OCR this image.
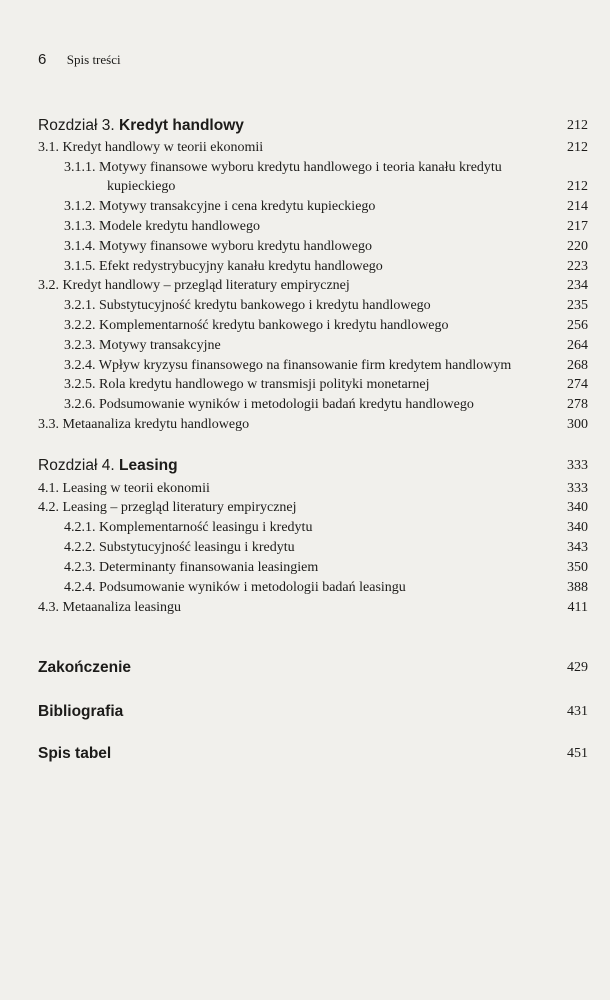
6 Spis treści
Rozdział 3. Kredyt handlowy	212
3.1. Kredyt handlowy w teorii ekonomii	212
3.1.1. Motywy finansowe wyboru kredytu handlowego i teoria kanału kredytu
kupieckiego	212
3.1.2. Motywy transakcyjne i cena kredytu kupieckiego	214
3.1.3. Modele kredytu handlowego	217
3.1.4. Motywy finansowe wyboru kredytu handlowego	220
3.1.5. Efekt redystrybucyjny kanału kredytu handlowego	223
3.2. Kredyt handlowy – przegląd literatury empirycznej	234
3.2.1. Substytucyjność kredytu bankowego i kredytu handlowego	235
3.2.2. Komplementarność kredytu bankowego i kredytu handlowego	256
3.2.3. Motywy transakcyjne	264
3.2.4. Wpływ kryzysu finansowego na finansowanie firm kredytem handlowym	268
3.2.5. Rola kredytu handlowego w transmisji polityki monetarnej	274
3.2.6. Podsumowanie wyników i metodologii badań kredytu handlowego	278
3.3. Metaanaliza kredytu handlowego	300
Rozdział 4. Leasing	333
4.1. Leasing w teorii ekonomii	333
4.2. Leasing – przegląd literatury empirycznej	340
4.2.1. Komplementarność leasingu i kredytu	340
4.2.2. Substytucyjność leasingu i kredytu	343
4.2.3. Determinanty finansowania leasingiem	350
4.2.4. Podsumowanie wyników i metodologii badań leasingu	388
4.3. Metaanaliza leasingu	411
Zakończenie	429
Bibliografia	431
Spis tabel	451
